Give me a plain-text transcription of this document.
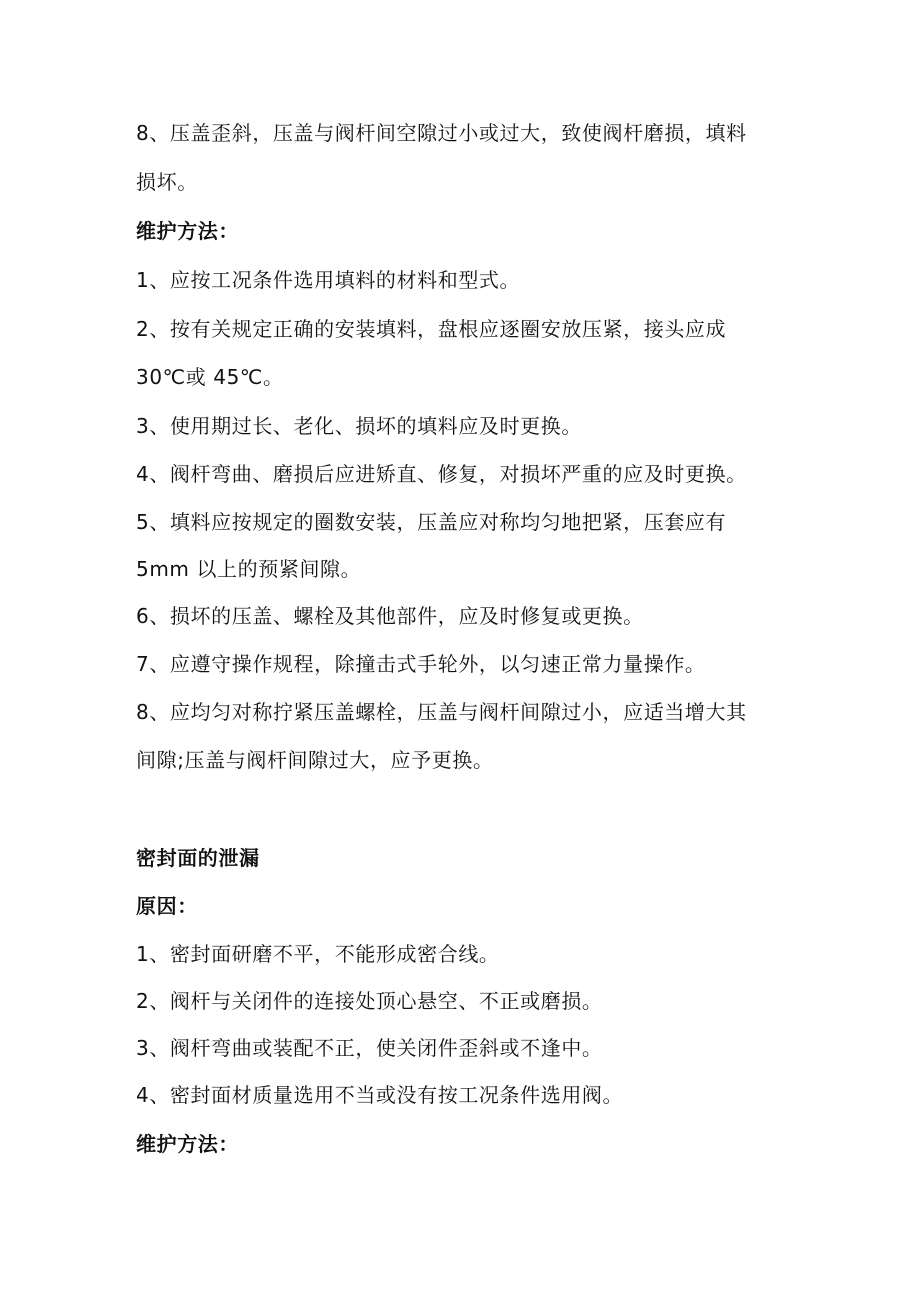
8、压盖歪斜，压盖与阀杆间空隙过小或过大，致使阀杆磨损，填料
损坏。
维护方法：
1、应按工况条件选用填料的材料和型式。
2、按有关规定正确的安装填料，盘根应逐圈安放压紧，接头应成
30℃或 45℃。
3、使用期过长、老化、损坏的填料应及时更换。
4、阀杆弯曲、磨损后应进矫直、修复，对损坏严重的应及时更换。
5、填料应按规定的圈数安装，压盖应对称均匀地把紧，压套应有
5mm 以上的预紧间隙。
6、损坏的压盖、螺栓及其他部件，应及时修复或更换。
7、应遵守操作规程，除撞击式手轮外，以匀速正常力量操作。
8、应均匀对称拧紧压盖螺栓，压盖与阀杆间隙过小，应适当增大其
间隙;压盖与阀杆间隙过大，应予更换。
密封面的泄漏
原因：
1、密封面研磨不平，不能形成密合线。
2、阀杆与关闭件的连接处顶心悬空、不正或磨损。
3、阀杆弯曲或装配不正，使关闭件歪斜或不逢中。
4、密封面材质量选用不当或没有按工况条件选用阀。
维护方法：
